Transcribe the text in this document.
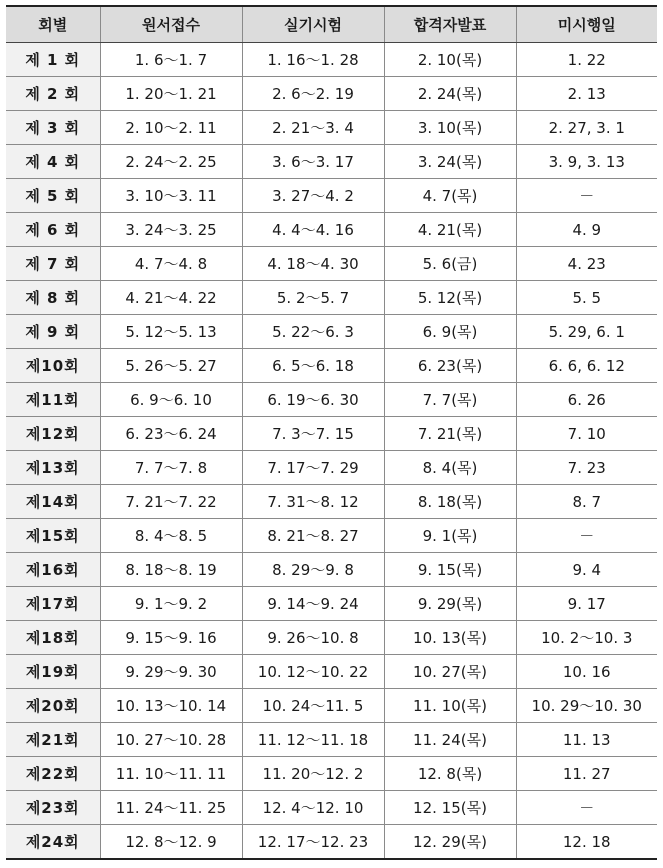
회별	원서접수	실기시험	합격자발표	미시행일
제 1 회	1. 6～1. 7	1. 16～1. 28	2. 10(목)	1. 22
제 2 회	1. 20～1. 21	2. 6～2. 19	2. 24(목)	2. 13
제 3 회	2. 10～2. 11	2. 21～3. 4	3. 10(목)	2. 27, 3. 1
제 4 회	2. 24～2. 25	3. 6～3. 17	3. 24(목)	3. 9, 3. 13
제 5 회	3. 10～3. 11	3. 27～4. 2	4. 7(목)	－
제 6 회	3. 24～3. 25	4. 4～4. 16	4. 21(목)	4. 9
제 7 회	4. 7～4. 8	4. 18～4. 30	5. 6(금)	4. 23
제 8 회	4. 21～4. 22	5. 2～5. 7	5. 12(목)	5. 5
제 9 회	5. 12～5. 13	5. 22～6. 3	6. 9(목)	5. 29, 6. 1
제10회	5. 26～5. 27	6. 5～6. 18	6. 23(목)	6. 6, 6. 12
제11회	6. 9～6. 10	6. 19～6. 30	7. 7(목)	6. 26
제12회	6. 23～6. 24	7. 3～7. 15	7. 21(목)	7. 10
제13회	7. 7～7. 8	7. 17～7. 29	8. 4(목)	7. 23
제14회	7. 21～7. 22	7. 31～8. 12	8. 18(목)	8. 7
제15회	8. 4～8. 5	8. 21～8. 27	9. 1(목)	－
제16회	8. 18～8. 19	8. 29～9. 8	9. 15(목)	9. 4
제17회	9. 1～9. 2	9. 14～9. 24	9. 29(목)	9. 17
제18회	9. 15～9. 16	9. 26～10. 8	10. 13(목)	10. 2～10. 3
제19회	9. 29～9. 30	10. 12～10. 22	10. 27(목)	10. 16
제20회	10. 13～10. 14	10. 24～11. 5	11. 10(목)	10. 29～10. 30
제21회	10. 27～10. 28	11. 12～11. 18	11. 24(목)	11. 13
제22회	11. 10～11. 11	11. 20～12. 2	12. 8(목)	11. 27
제23회	11. 24～11. 25	12. 4～12. 10	12. 15(목)	－
제24회	12. 8～12. 9	12. 17～12. 23	12. 29(목)	12. 18
